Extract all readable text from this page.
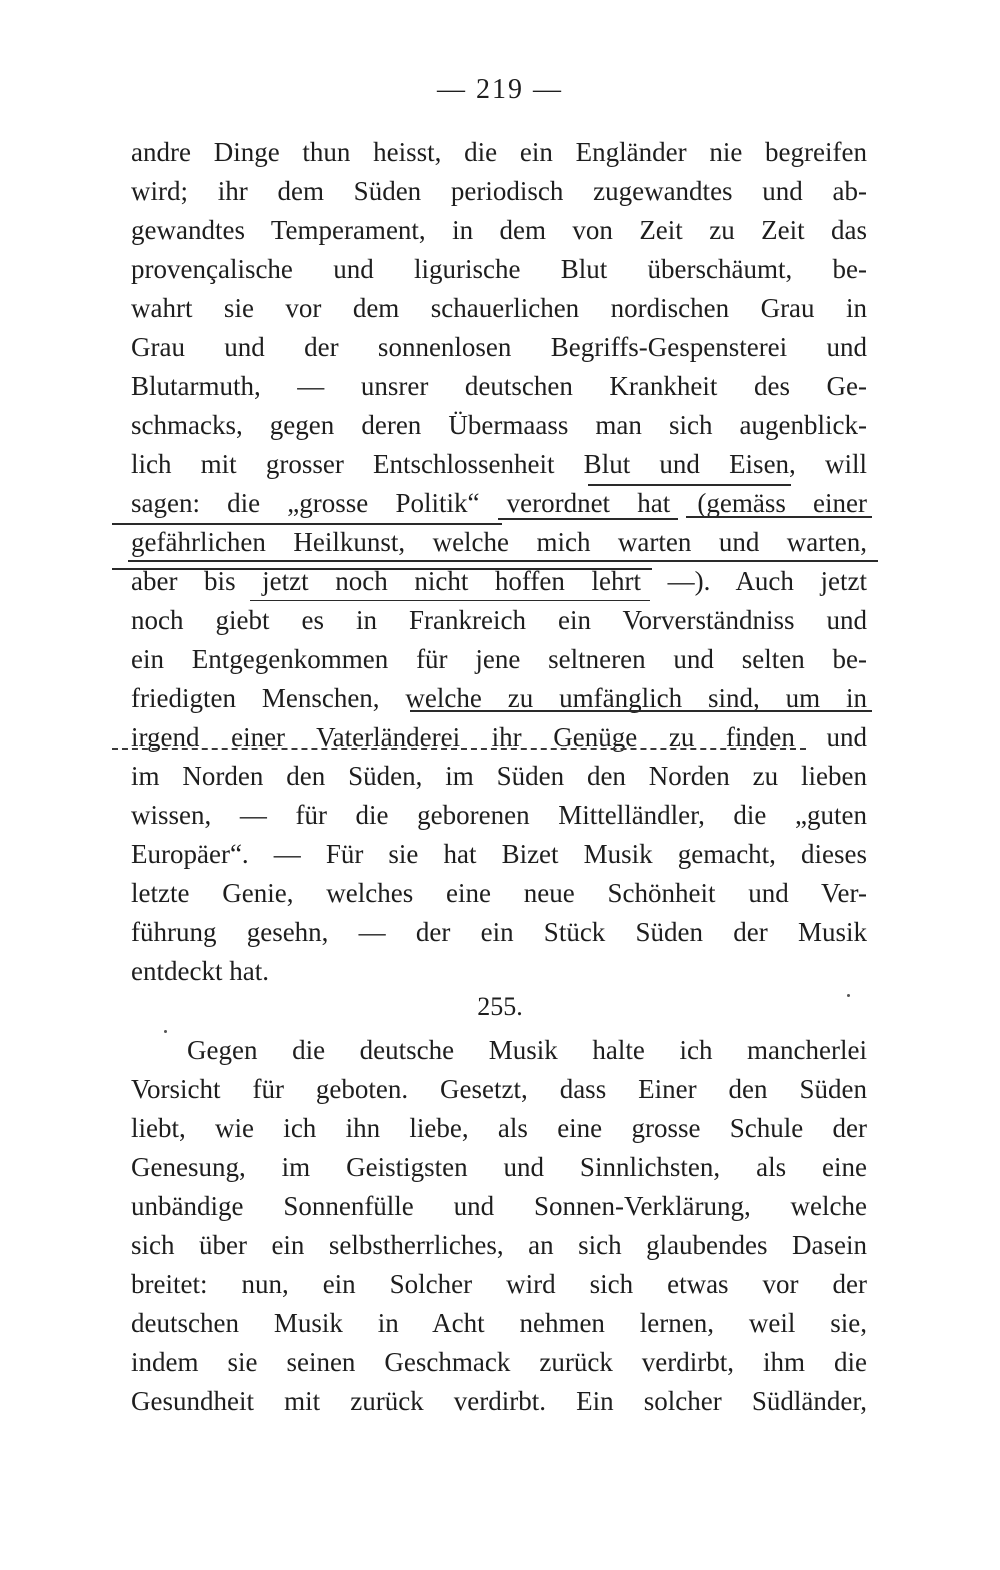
— 219 —
andre Dinge thun heisst, die ein Engländer nie begreifen
wird; ihr dem Süden periodisch zugewandtes und ab-
gewandtes Temperament, in dem von Zeit zu Zeit das
provençalische und ligurische Blut überschäumt, be-
wahrt sie vor dem schauerlichen nordischen Grau in
Grau und der sonnenlosen Begriffs-Gespensterei und
Blutarmuth, — unsrer deutschen Krankheit des Ge-
schmacks, gegen deren Übermaass man sich augenblick-
lich mit grosser Entschlossenheit Blut und Eisen, will
sagen: die „grosse Politik“ verordnet hat (gemäss einer
gefährlichen Heilkunst, welche mich warten und warten,
aber bis jetzt noch nicht hoffen lehrt —). Auch jetzt
noch giebt es in Frankreich ein Vorverständniss und
ein Entgegenkommen für jene seltneren und selten be-
friedigten Menschen, welche zu umfänglich sind, um in
irgend einer Vaterländerei ihr Genüge zu finden und
im Norden den Süden, im Süden den Norden zu lieben
wissen, — für die geborenen Mittelländler, die „guten
Europäer“. — Für sie hat Bizet Musik gemacht, dieses
letzte Genie, welches eine neue Schönheit und Ver-
führung gesehn, — der ein Stück Süden der Musik
entdeckt hat.
255.
Gegen die deutsche Musik halte ich mancherlei
Vorsicht für geboten. Gesetzt, dass Einer den Süden
liebt, wie ich ihn liebe, als eine grosse Schule der
Genesung, im Geistigsten und Sinnlichsten, als eine
unbändige Sonnenfülle und Sonnen-Verklärung, welche
sich über ein selbstherrliches, an sich glaubendes Dasein
breitet: nun, ein Solcher wird sich etwas vor der
deutschen Musik in Acht nehmen lernen, weil sie,
indem sie seinen Geschmack zurück verdirbt, ihm die
Gesundheit mit zurück verdirbt. Ein solcher Südländer,
